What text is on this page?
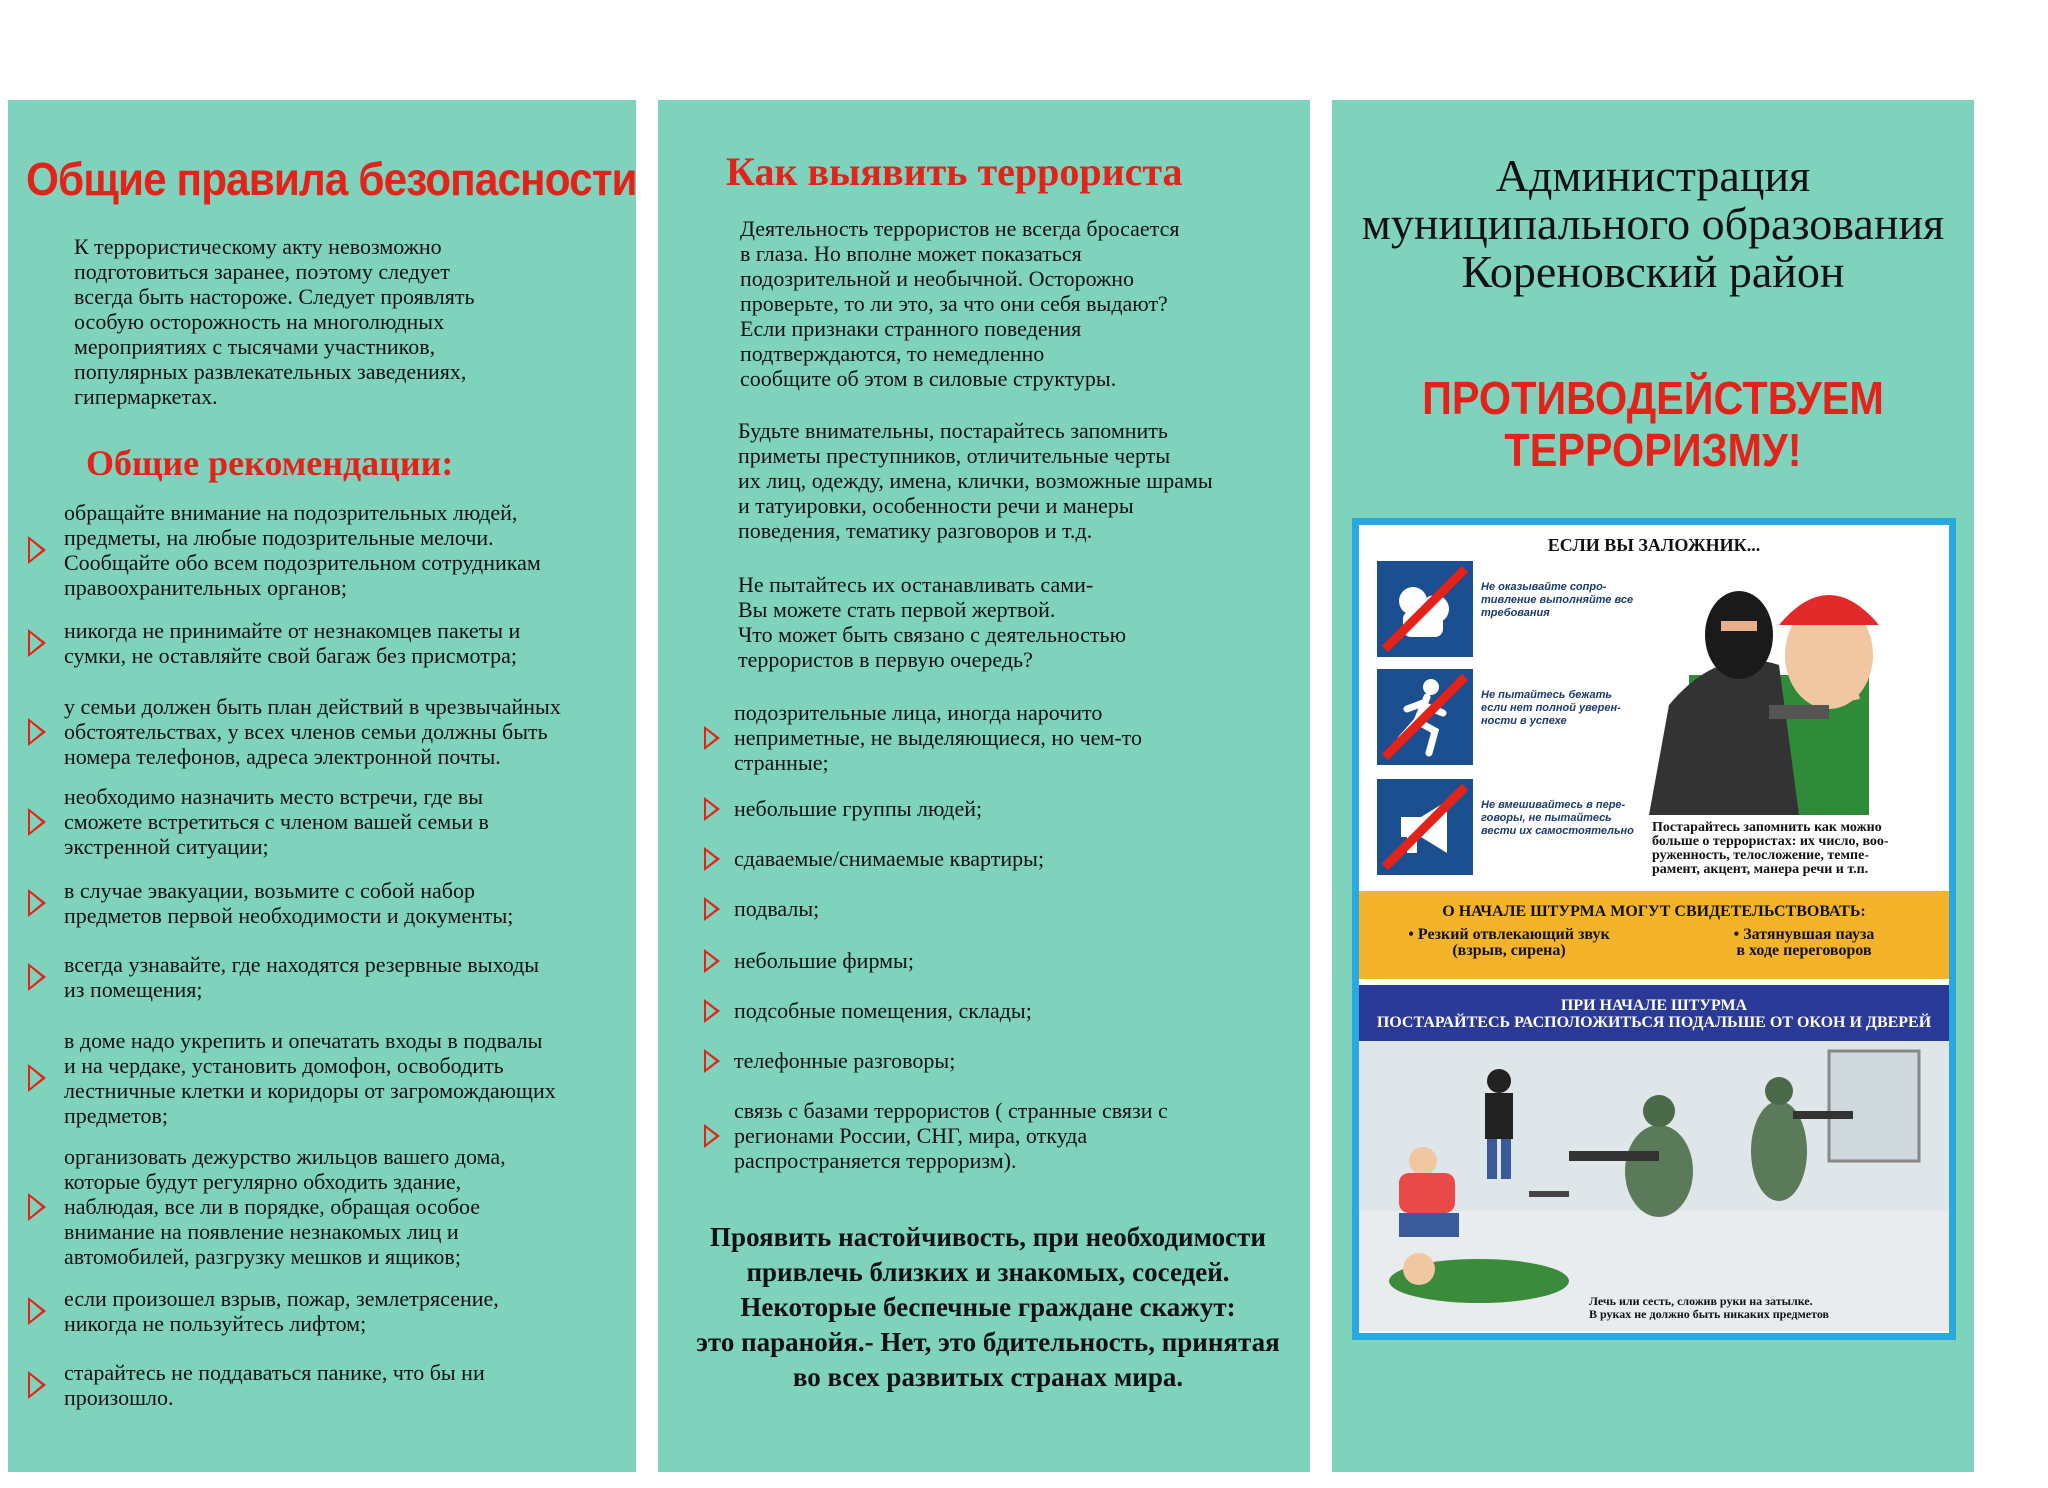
Общие правила безопасности
К террористическому акту невозможно
подготовиться заранее, поэтому следует
всегда быть настороже. Следует проявлять
особую осторожность на многолюдных
мероприятиях с тысячами участников,
популярных развлекательных заведениях,
гипермаркетах.
Общие рекомендации:
обращайте внимание на подозрительных людей,
предметы, на любые подозрительные мелочи.
Сообщайте обо всем подозрительном сотрудникам
правоохранительных органов;
никогда не принимайте от незнакомцев пакеты и
сумки, не оставляйте свой багаж без присмотра;
у семьи должен быть план действий в чрезвычайных
обстоятельствах, у всех членов семьи должны быть
номера телефонов, адреса электронной почты.
необходимо назначить место встречи, где вы
сможете встретиться с членом вашей семьи в
экстренной ситуации;
в случае эвакуации, возьмите с собой набор
предметов первой необходимости и документы;
всегда узнавайте, где находятся резервные выходы
из помещения;
в доме надо укрепить и опечатать входы в подвалы
и на чердаке, установить домофон, освободить
лестничные клетки и коридоры от загромождающих
предметов;
организовать дежурство жильцов вашего дома,
которые будут регулярно обходить здание,
наблюдая, все ли в порядке, обращая особое
внимание на появление незнакомых лиц и
автомобилей, разгрузку мешков и ящиков;
если произошел взрыв, пожар, землетрясение,
никогда не пользуйтесь лифтом;
старайтесь не поддаваться панике, что бы ни
произошло.
Как выявить террориста
Деятельность террористов не всегда бросается
в глаза. Но вполне может показаться
подозрительной и необычной. Осторожно
проверьте, то ли это, за что они себя выдают?
Если признаки странного поведения
подтверждаются, то немедленно
сообщите об этом в силовые структуры.
Будьте внимательны, постарайтесь запомнить
приметы преступников, отличительные черты
их лиц, одежду, имена, клички, возможные шрамы
и татуировки, особенности речи и манеры
поведения, тематику разговоров и т.д.
Не пытайтесь их останавливать сами-
Вы можете стать первой жертвой.
Что может быть связано с деятельностью
террористов в первую очередь?
подозрительные лица, иногда нарочито
неприметные, не выделяющиеся, но чем-то
странные;
небольшие группы людей;
сдаваемые/снимаемые квартиры;
подвалы;
небольшие фирмы;
подсобные помещения, склады;
телефонные разговоры;
связь с базами террористов ( странные связи с
регионами России, СНГ, мира, откуда
распространяется терроризм).
Проявить настойчивость, при необходимости
привлечь близких и знакомых, соседей.
Некоторые беспечные граждане скажут:
это паранойя.- Нет, это бдительность, принятая
во всех развитых странах мира.
Администрация
муниципального образования
Кореновский район
ПРОТИВОДЕЙСТВУЕМ
ТЕРРОРИЗМУ!
ЕСЛИ ВЫ ЗАЛОЖНИК...
Не оказывайте сопро-
тивление выполняйте все
требования
Не пытайтесь бежать
если нет полной уверен-
ности в успехе
Не вмешивайтесь в пере-
говоры, не пытайтесь
вести их самостоятельно	Постарайтесь запомнить как можно
больше о террористах: их число, воо-
руженность, телосложение, темпе-
рамент, акцент, манера речи и т.п.
О НАЧАЛЕ ШТУРМА МОГУТ СВИДЕТЕЛЬСТВОВАТЬ:
• Резкий отвлекающий звук
(взрыв, сирена)
• Затянувшая пауза
в ходе переговоров
ПРИ НАЧАЛЕ ШТУРМА
ПОСТАРАЙТЕСЬ РАСПОЛОЖИТЬСЯ ПОДАЛЬШЕ ОТ ОКОН И ДВЕРЕЙ
Лечь или сесть, сложив руки на затылке.
В руках не должно быть никаких предметов
